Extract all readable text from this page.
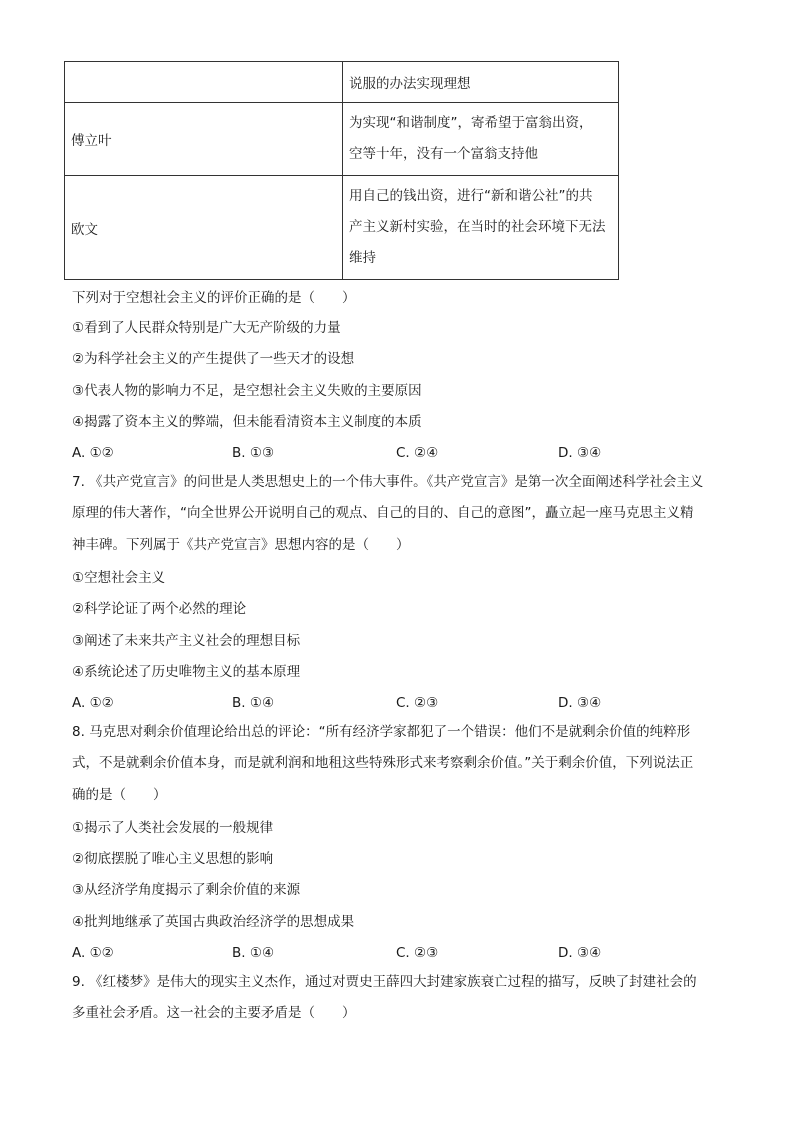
	说服的办法实现理想
傅立叶	为实现“和谐制度”，寄希望于富翁出资，
空等十年，没有一个富翁支持他

欧文	用自己的钱出资，进行“新和谐公社”的共
产主义新村实验，在当时的社会环境下无法
维持
下列对于空想社会主义的评价正确的是（　　）
①看到了人民群众特别是广大无产阶级的力量
②为科学社会主义的产生提供了一些天才的设想
③代表人物的影响力不足，是空想社会主义失败的主要原因
④揭露了资本主义的弊端，但未能看清资本主义制度的本质
A. ①②	B. ①③	C. ②④	D. ③④
7. 《共产党宣言》的问世是人类思想史上的一个伟大事件。《共产党宣言》是第一次全面阐述科学社会主义
原理的伟大著作，“向全世界公开说明自己的观点、自己的目的、自己的意图”，矗立起一座马克思主义精
神丰碑。下列属于《共产党宣言》思想内容的是（　　）
①空想社会主义
②科学论证了两个必然的理论
③阐述了未来共产主义社会的理想目标
④系统论述了历史唯物主义的基本原理
A. ①②	B. ①④	C. ②③	D. ③④
8. 马克思对剩余价值理论给出总的评论：“所有经济学家都犯了一个错误：他们不是就剩余价值的纯粹形
式，不是就剩余价值本身，而是就利润和地租这些特殊形式来考察剩余价值。”关于剩余价值，下列说法正
确的是（　　）
①揭示了人类社会发展的一般规律
②彻底摆脱了唯心主义思想的影响
③从经济学角度揭示了剩余价值的来源
④批判地继承了英国古典政治经济学的思想成果
A. ①②	B. ①④	C. ②③	D. ③④
9. 《红楼梦》是伟大的现实主义杰作，通过对贾史王薛四大封建家族衰亡过程的描写，反映了封建社会的
多重社会矛盾。这一社会的主要矛盾是（　　）
